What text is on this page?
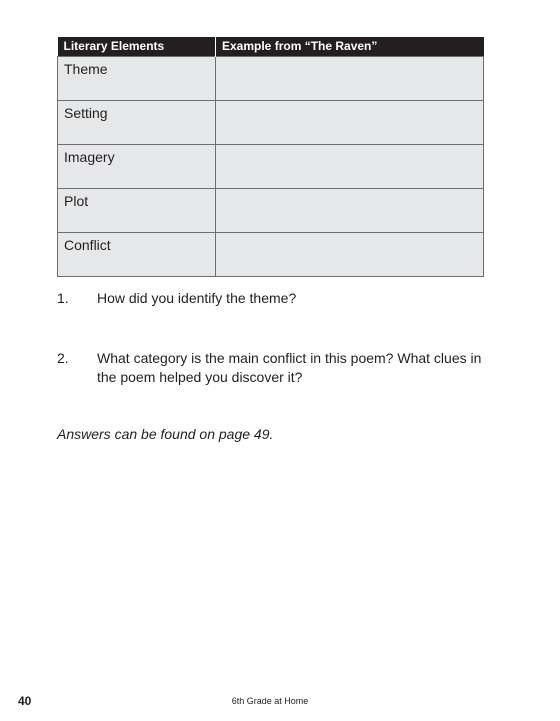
Literary Elements	Example from “The Raven”
Theme	
Setting	
Imagery	
Plot	
Conflict	
1.	How did you identify the theme?
2.	What category is the main conflict in this poem? What clues in the poem helped you discover it?

Answers can be found on page 49.

40	6th Grade at Home
